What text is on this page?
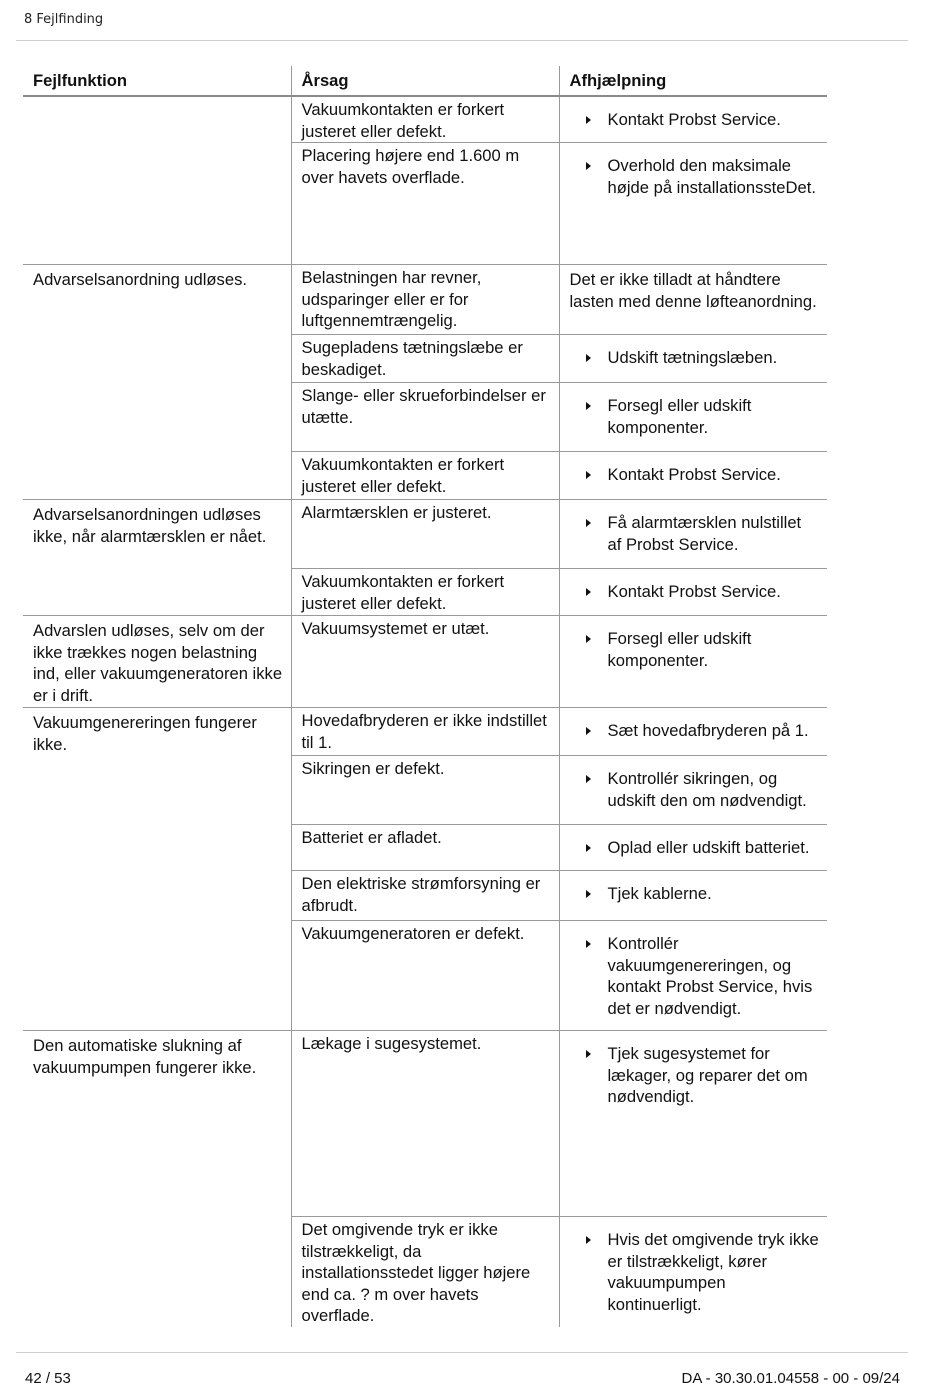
8 Fejlfinding
Fejlfunktion	Årsag	Afhjælpning
	Vakuumkontakten er forkert justeret eller defekt.	Kontakt Probst Service.

	Placering højere end 1.600 m over havets overflade.	Overhold den maksimale højde på installationssteDet.

Advarselsanordning udløses.	Belastningen har revner, udsparinger eller er for luftgennemtrængelig.	Det er ikke tilladt at håndtere lasten med denne løfteanordning.

	Sugepladens tætningslæbe er beskadiget.	Udskift tætningslæben.

	Slange- eller skrueforbindelser er utætte.	Forsegl eller udskift komponenter.

	Vakuumkontakten er forkert justeret eller defekt.	Kontakt Probst Service.

Advarselsanordningen udløses ikke, når alarmtærsklen er nået.	Alarmtærsklen er justeret.	Få alarmtærsklen nulstillet af Probst Service.

	Vakuumkontakten er forkert justeret eller defekt.	Kontakt Probst Service.

Advarslen udløses, selv om der ikke trækkes nogen belastning ind, eller vakuumgeneratoren ikke er i drift.	Vakuumsystemet er utæt.	Forsegl eller udskift komponenter.

Vakuumgenereringen fungerer ikke.	Hovedafbryderen er ikke indstillet til 1.	Sæt hovedafbryderen på 1.

	Sikringen er defekt.	Kontrollér sikringen, og udskift den om nødvendigt.

	Batteriet er afladet.	Oplad eller udskift batteriet.

	Den elektriske strømforsyning er afbrudt.	Tjek kablerne.

	Vakuumgeneratoren er defekt.	Kontrollér vakuumgenereringen, og kontakt Probst Service, hvis det er nødvendigt.

Den automatiske slukning af vakuumpumpen fungerer ikke.	Lækage i sugesystemet.	Tjek sugesystemet for lækager, og reparer det om nødvendigt.

	Det omgivende tryk er ikke tilstrækkeligt, da installationsstedet ligger højere end ca. ? m over havets overflade.	Hvis det omgivende tryk ikke er tilstrækkeligt, kører vakuumpumpen kontinuerligt.
42 / 53	DA - 30.30.01.04558 - 00 - 09/24
